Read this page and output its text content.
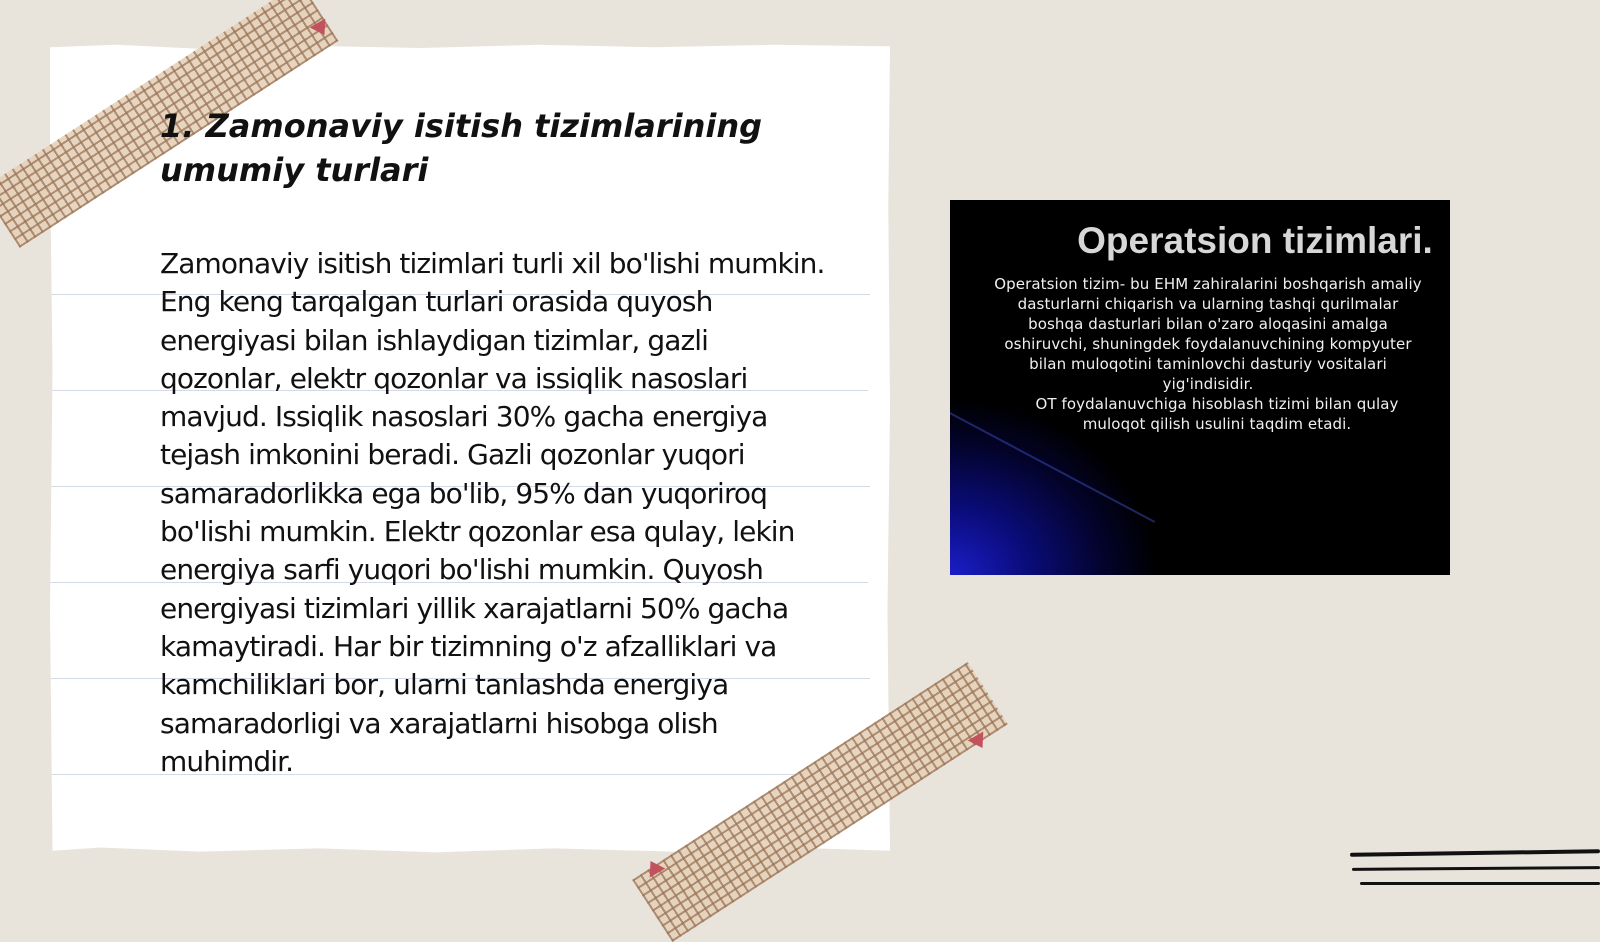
1. Zamonaviy isitish tizimlarining
umumiy turlari

Zamonaviy isitish tizimlari turli xil bo'lishi mumkin. Eng keng tarqalgan turlari orasida quyosh energiyasi bilan ishlaydigan tizimlar, gazli qozonlar, elektr qozonlar va issiqlik nasoslari mavjud. Issiqlik nasoslari 30% gacha energiya tejash imkonini beradi. Gazli qozonlar yuqori samaradorlikka ega bo'lib, 95% dan yuqoriroq bo'lishi mumkin. Elektr qozonlar esa qulay, lekin energiya sarfi yuqori bo'lishi mumkin. Quyosh energiyasi tizimlari yillik xarajatlarni 50% gacha kamaytiradi. Har bir tizimning o'z afzalliklari va kamchiliklari bor, ularni tanlashda energiya samaradorligi va xarajatlarni hisobga olish muhimdir.

Operatsion tizimlari.

Operatsion tizim- bu EHM zahiralarini boshqarish amaliy dasturlarni chiqarish va ularning tashqi qurilmalar boshqa dasturlari bilan o'zaro aloqasini amalga oshiruvchi, shuningdek foydalanuvchining kompyuter bilan muloqotini taminlovchi dasturiy vositalari yig'indisidir.
OT foydalanuvchiga hisoblash tizimi bilan qulay muloqot qilish usulini taqdim etadi.
